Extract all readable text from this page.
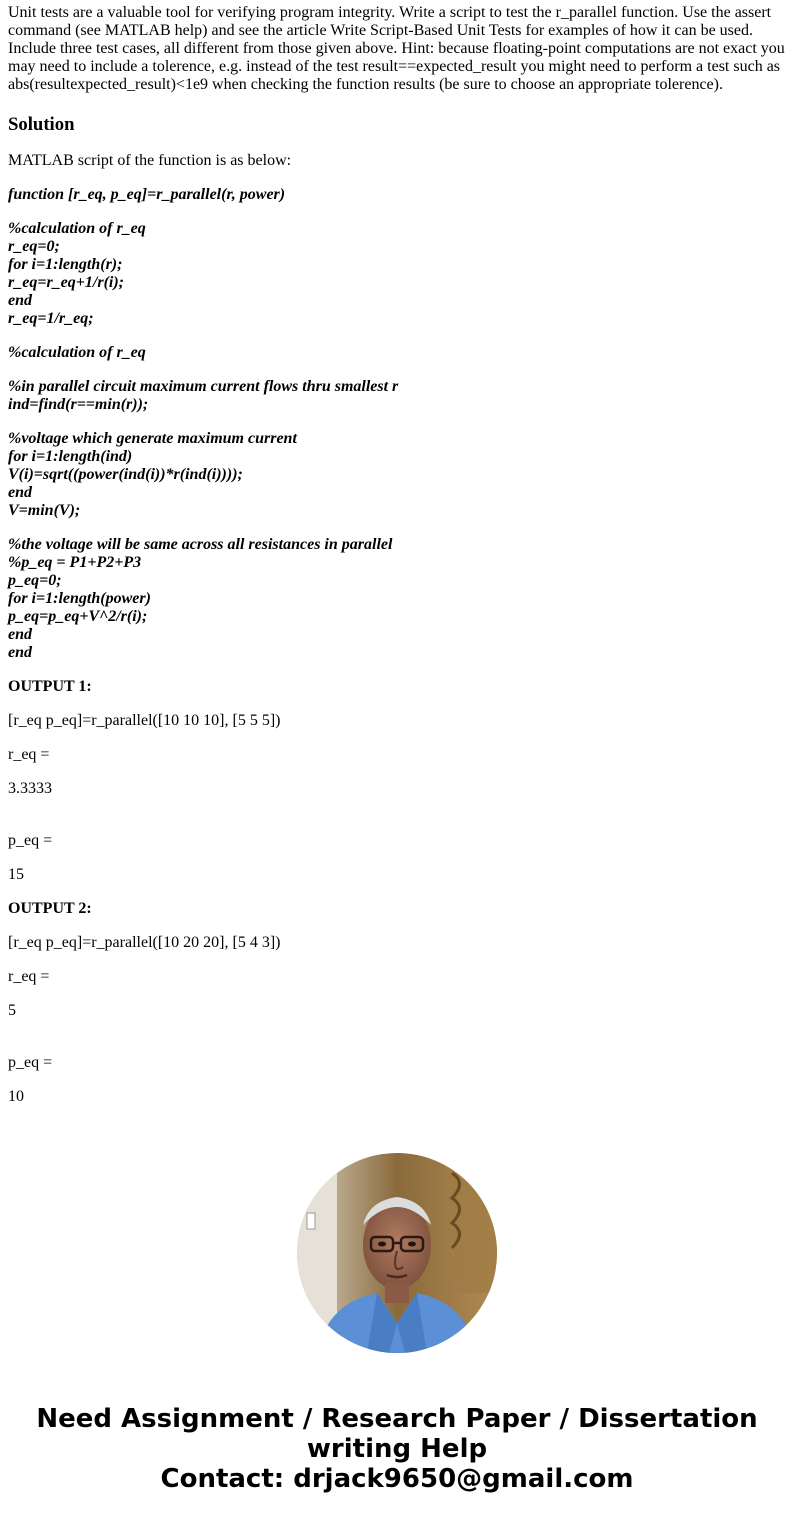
Unit tests are a valuable tool for verifying program integrity. Write a script to test the r_parallel function. Use the assert command (see MATLAB help) and see the article Write Script-Based Unit Tests for examples of how it can be used. Include three test cases, all different from those given above. Hint: because floating-point computations are not exact you may need to include a tolerence, e.g. instead of the test result==expected_result you might need to perform a test such as abs(resultexpected_result)<1e9 when checking the function results (be sure to choose an appropriate tolerence).
Solution

MATLAB script of the function is as below:

function [r_eq, p_eq]=r_parallel(r, power)

%calculation of r_eq
r_eq=0;
for i=1:length(r);
r_eq=r_eq+1/r(i);
end
r_eq=1/r_eq;

%calculation of r_eq

%in parallel circuit maximum current flows thru smallest r
ind=find(r==min(r));

%voltage which generate maximum current
for i=1:length(ind)
V(i)=sqrt((power(ind(i))*r(ind(i))));
end
V=min(V);

%the voltage will be same across all resistances in parallel
%p_eq = P1+P2+P3
p_eq=0;
for i=1:length(power)
p_eq=p_eq+V^2/r(i);
end
end

OUTPUT 1:

[r_eq p_eq]=r_parallel([10 10 10], [5 5 5])

r_eq =

3.3333

p_eq =

15

OUTPUT 2:

[r_eq p_eq]=r_parallel([10 20 20], [5 4 3])

r_eq =

5

p_eq =

10

Need Assignment / Research Paper / Dissertation
writing Help
Contact: drjack9650@gmail.com
